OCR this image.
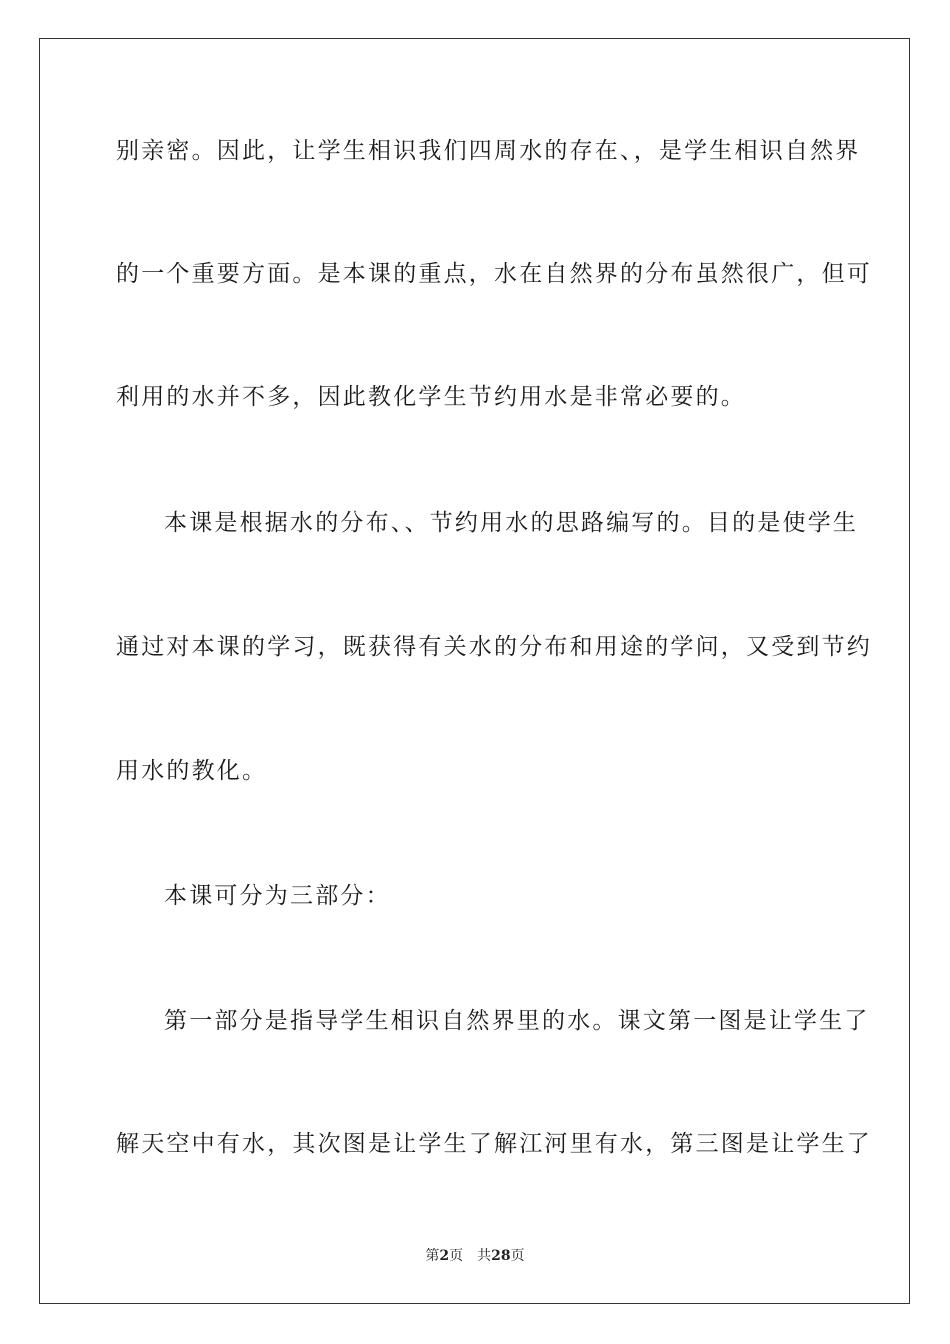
别亲密。因此，让学生相识我们四周水的存在、，是学生相识自然界
的一个重要方面。是本课的重点，水在自然界的分布虽然很广，但可
利用的水并不多，因此教化学生节约用水是非常必要的。
本课是根据水的分布、、节约用水的思路编写的。目的是使学生
通过对本课的学习，既获得有关水的分布和用途的学问，又受到节约
用水的教化。
本课可分为三部分：
第一部分是指导学生相识自然界里的水。课文第一图是让学生了
解天空中有水，其次图是让学生了解江河里有水，第三图是让学生了
第2页 共28页
